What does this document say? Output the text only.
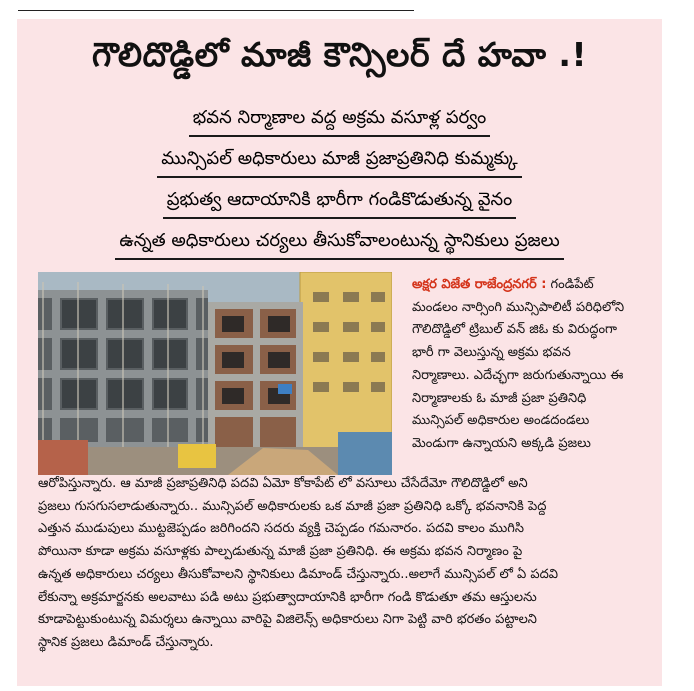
గౌలిదొడ్డిలో మాజీ కౌన్సిలర్ దే హవా .!
భవన నిర్మాణాల వద్ద అక్రమ వసూళ్ల పర్వం
మున్సిపల్ అధికారులు మాజీ ప్రజాప్రతినిధి కుమ్మక్కు
ప్రభుత్వ ఆదాయానికి భారీగా గండికొడుతున్న వైనం
ఉన్నత అధికారులు చర్యలు తీసుకోవాలంటున్న స్థానికులు ప్రజలు
అక్షర విజేత రాజేంద్రనగర్ : గండిపేట్
మండలం నార్సింగి మున్సిపాలిటీ పరిధిలోని
గౌలిదొడ్డిలో ట్రిబుల్ వన్ జిఓ కు విరుద్ధంగా
భారీ గా వెలుస్తున్న అక్రమ భవన
నిర్మాణాలు. ఎదేచ్ఛగా జరుగుతున్నాయి ఈ
నిర్మాణాలకు ఓ మాజీ ప్రజా ప్రతినిధి
మున్సిపల్ అధికారుల అండదండలు
మెండుగా ఉన్నాయని అక్కడి ప్రజలు
ఆరోపిస్తున్నారు. ఆ మాజీ ప్రజాప్రతినిధి పదవి ఏమో కోకాపేట్ లో వసూలు చేసేదేమో గౌలిదొడ్డిలో అని
ప్రజలు గుసగుసలాడుతున్నారు.. మున్సిపల్ అధికారులకు ఒక మాజీ ప్రజా ప్రతినిధి ఒక్కో భవనానికి పెద్ద
ఎత్తున ముడుపులు ముట్టజెప్పడం జరిగిందని సదరు వ్యక్తి చెప్పడం గమనారం. పదవి కాలం ముగిసి
పోయినా కూడా అక్రమ వసూళ్లకు పాల్పడుతున్న మాజీ ప్రజా ప్రతినిధి. ఈ అక్రమ భవన నిర్మాణం పై
ఉన్నత అధికారులు చర్యలు తీసుకోవాలని స్థానికులు డిమాండ్ చేస్తున్నారు..అలాగే మున్సిపల్ లో ఏ పదవి
లేకున్నా అక్రమార్జనకు అలవాటు పడి అటు ప్రభుత్వాదాయానికి భారీగా గండి కొడుతూ తమ ఆస్తులను
కూడాపెట్టుకుంటున్న విమర్శలు ఉన్నాయి వారిపై విజిలెన్స్ అధికారులు నిగా పెట్టి వారి భరతం పట్టాలని
స్థానిక ప్రజలు డిమాండ్ చేస్తున్నారు.
